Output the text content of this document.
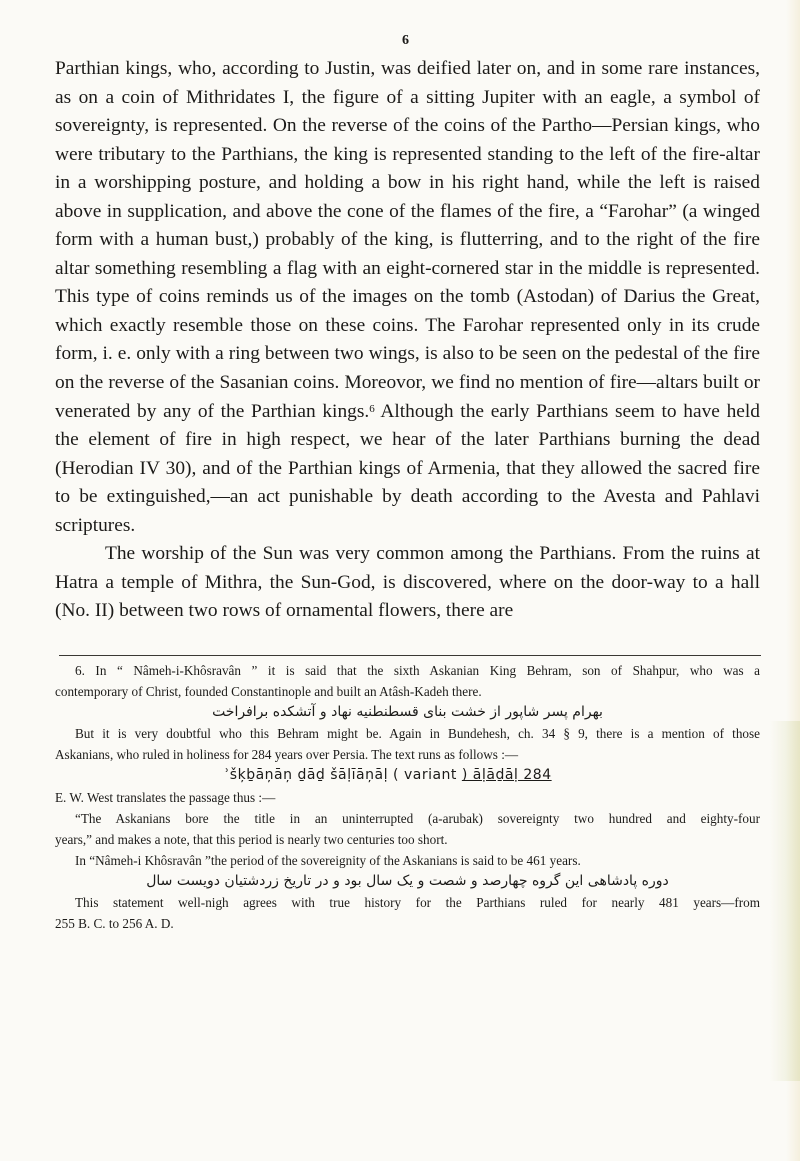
6

Parthian kings, who, according to Justin, was deified later on, and in some rare instances, as on a coin of Mithridates I, the figure of a sitting Jupiter with an eagle, a symbol of sovereignty, is represented. On the reverse of the coins of the Partho—Persian kings, who were tributary to the Parthians, the king is represented standing to the left of the fire-altar in a worshipping posture, and holding a bow in his right hand, while the left is raised above in supplication, and above the cone of the flames of the fire, a “Farohar” (a winged form with a human bust,) probably of the king, is flutterring, and to the right of the fire altar something resembling a flag with an eight-cornered star in the middle is represented. This type of coins reminds us of the images on the tomb (Astodan) of Darius the Great, which exactly resemble those on these coins. The Farohar represented only in its crude form, i. e. only with a ring between two wings, is also to be seen on the pedestal of the fire on the reverse of the Sasanian coins. Moreovor, we find no mention of fire—altars built or venerated by any of the Parthian kings.$^6$ Although the early Parthians seem to have held the element of fire in high respect, we hear of the later Parthians burning the dead (Herodian IV 30), and of the Parthian kings of Armenia, that they allowed the sacred fire to be extinguished,—an act punishable by death according to the Avesta and Pahlavi scriptures.

The worship of the Sun was very common among the Parthians. From the ruins at Hatra a temple of Mithra, the Sun-God, is discovered, where on the door-way to a hall (No. II) between two rows of ornamental flowers, there are

6. In “ Nâmeh-i-Khôsravân ” it is said that the sixth Askanian King Behram, son of Shahpur, who was a

contemporary of Christ, founded Constantinople and built an Atâsh-Kadeh there.

بهرام پسر شاپور از خشت بنای قسطنطنیه نهاد و آتشکده برافراخت

But it is very doubtful who this Behram might be. Again in Bundehesh, ch. 34 § 9, there is a mention of those

Askanians, who ruled in holiness for 284 years over Persia. The text runs as follows :—

ʾšķḇāņāņ ḏāḏ šāḷīāņāḷ ( variant ) āḷāḏāḷ 284

E. W. West translates the passage thus :—

“The Askanians bore the title in an uninterrupted (a-arubak) sovereignty two hundred and eighty-four

years,” and makes a note, that this period is nearly two centuries too short.

In “Nâmeh-i Khôsravân ”the period of the sovereignity of the Askanians is said to be 461 years.

دوره پادشاهی این گروه چهارصد و شصت و یک سال بود و در تاریخ زردشتیان دویست سال

This statement well-nigh agrees with true history for the Parthians ruled for nearly 481 years—from

255 B. C. to 256 A. D.
